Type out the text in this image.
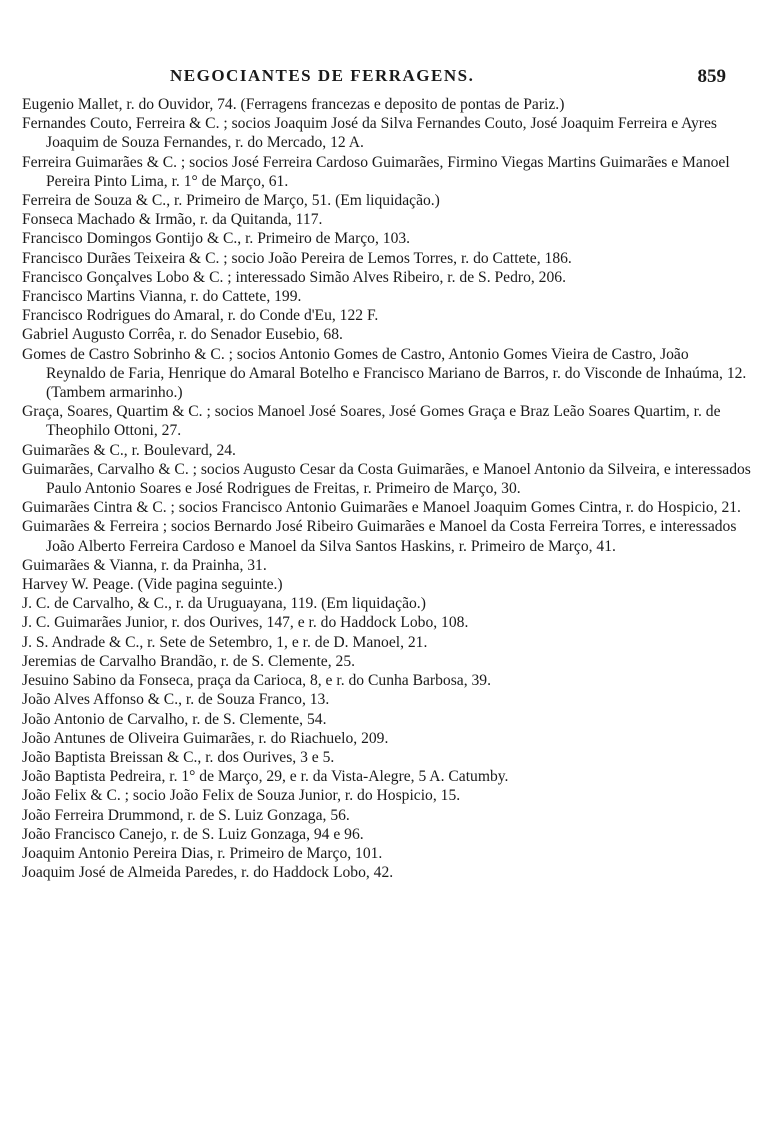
NEGOCIANTES DE FERRAGENS.	859
Eugenio Mallet, r. do Ouvidor, 74. (Ferragens francezas e deposito de pontas de Pariz.)
Fernandes Couto, Ferreira & C. ; socios Joaquim José da Silva Fernandes Couto, José Joaquim Ferreira e Ayres Joaquim de Souza Fernandes, r. do Mercado, 12 A.
Ferreira Guimarães & C. ; socios José Ferreira Cardoso Guimarães, Firmino Viegas Martins Guimarães e Manoel Pereira Pinto Lima, r. 1° de Março, 61.
Ferreira de Souza & C., r. Primeiro de Março, 51. (Em liquidação.)
Fonseca Machado & Irmão, r. da Quitanda, 117.
Francisco Domingos Gontijo & C., r. Primeiro de Março, 103.
Francisco Durães Teixeira & C. ; socio João Pereira de Lemos Torres, r. do Cattete, 186.
Francisco Gonçalves Lobo & C. ; interessado Simão Alves Ribeiro, r. de S. Pedro, 206.
Francisco Martins Vianna, r. do Cattete, 199.
Francisco Rodrigues do Amaral, r. do Conde d'Eu, 122 F.
Gabriel Augusto Corrêa, r. do Senador Eusebio, 68.
Gomes de Castro Sobrinho & C. ; socios Antonio Gomes de Castro, Antonio Gomes Vieira de Castro, João Reynaldo de Faria, Henrique do Amaral Botelho e Francisco Mariano de Barros, r. do Visconde de Inhaúma, 12. (Tambem armarinho.)
Graça, Soares, Quartim & C. ; socios Manoel José Soares, José Gomes Graça e Braz Leão Soares Quartim, r. de Theophilo Ottoni, 27.
Guimarães & C., r. Boulevard, 24.
Guimarães, Carvalho & C. ; socios Augusto Cesar da Costa Guimarães, e Manoel Antonio da Silveira, e interessados Paulo Antonio Soares e José Rodrigues de Freitas, r. Primeiro de Março, 30.
Guimarães Cintra & C. ; socios Francisco Antonio Guimarães e Manoel Joaquim Gomes Cintra, r. do Hospicio, 21.
Guimarães & Ferreira ; socios Bernardo José Ribeiro Guimarães e Manoel da Costa Ferreira Torres, e interessados João Alberto Ferreira Cardoso e Manoel da Silva Santos Haskins, r. Primeiro de Março, 41.
Guimarães & Vianna, r. da Prainha, 31.
Harvey W. Peage. (Vide pagina seguinte.)
J. C. de Carvalho, & C., r. da Uruguayana, 119. (Em liquidação.)
J. C. Guimarães Junior, r. dos Ourives, 147, e r. do Haddock Lobo, 108.
J. S. Andrade & C., r. Sete de Setembro, 1, e r. de D. Manoel, 21.
Jeremias de Carvalho Brandão, r. de S. Clemente, 25.
Jesuino Sabino da Fonseca, praça da Carioca, 8, e r. do Cunha Barbosa, 39.
João Alves Affonso & C., r. de Souza Franco, 13.
João Antonio de Carvalho, r. de S. Clemente, 54.
João Antunes de Oliveira Guimarães, r. do Riachuelo, 209.
João Baptista Breissan & C., r. dos Ourives, 3 e 5.
João Baptista Pedreira, r. 1° de Março, 29, e r. da Vista-Alegre, 5 A. Catumby.
João Felix & C. ; socio João Felix de Souza Junior, r. do Hospicio, 15.
João Ferreira Drummond, r. de S. Luiz Gonzaga, 56.
João Francisco Canejo, r. de S. Luiz Gonzaga, 94 e 96.
Joaquim Antonio Pereira Dias, r. Primeiro de Março, 101.
Joaquim José de Almeida Paredes, r. do Haddock Lobo, 42.
